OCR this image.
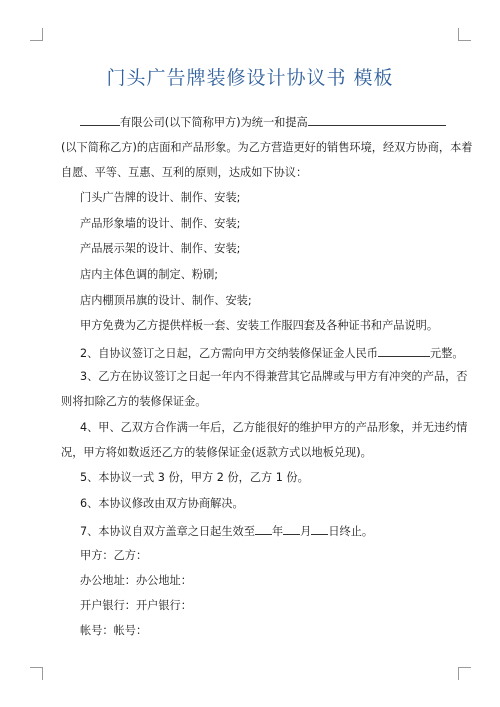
门头广告牌装修设计协议书 模板
有限公司(以下简称甲方)为统一和提高
(以下简称乙方)的店面和产品形象。为乙方营造更好的销售环境，经双方协商，本着
自愿、平等、互惠、互利的原则，达成如下协议：
门头广告牌的设计、制作、安装;
产品形象墙的设计、制作、安装;
产品展示架的设计、制作、安装;
店内主体色调的制定、粉刷;
店内棚顶吊旗的设计、制作、安装;
甲方免费为乙方提供样板一套、安装工作服四套及各种证书和产品说明。
2、自协议签订之日起，乙方需向甲方交纳装修保证金人民币	元整。
3、乙方在协议签订之日起一年内不得兼营其它品牌或与甲方有冲突的产品，否
则将扣除乙方的装修保证金。
4、甲、乙双方合作满一年后，乙方能很好的维护甲方的产品形象，并无违约情
况，甲方将如数返还乙方的装修保证金(返款方式以地板兑现)。
5、本协议一式 3 份，甲方 2 份，乙方 1 份。
6、本协议修改由双方协商解决。
7、本协议自双方盖章之日起生效至 年 月 日终止。
甲方：乙方：
办公地址：办公地址：
开户银行：开户银行：
帐号：帐号：
